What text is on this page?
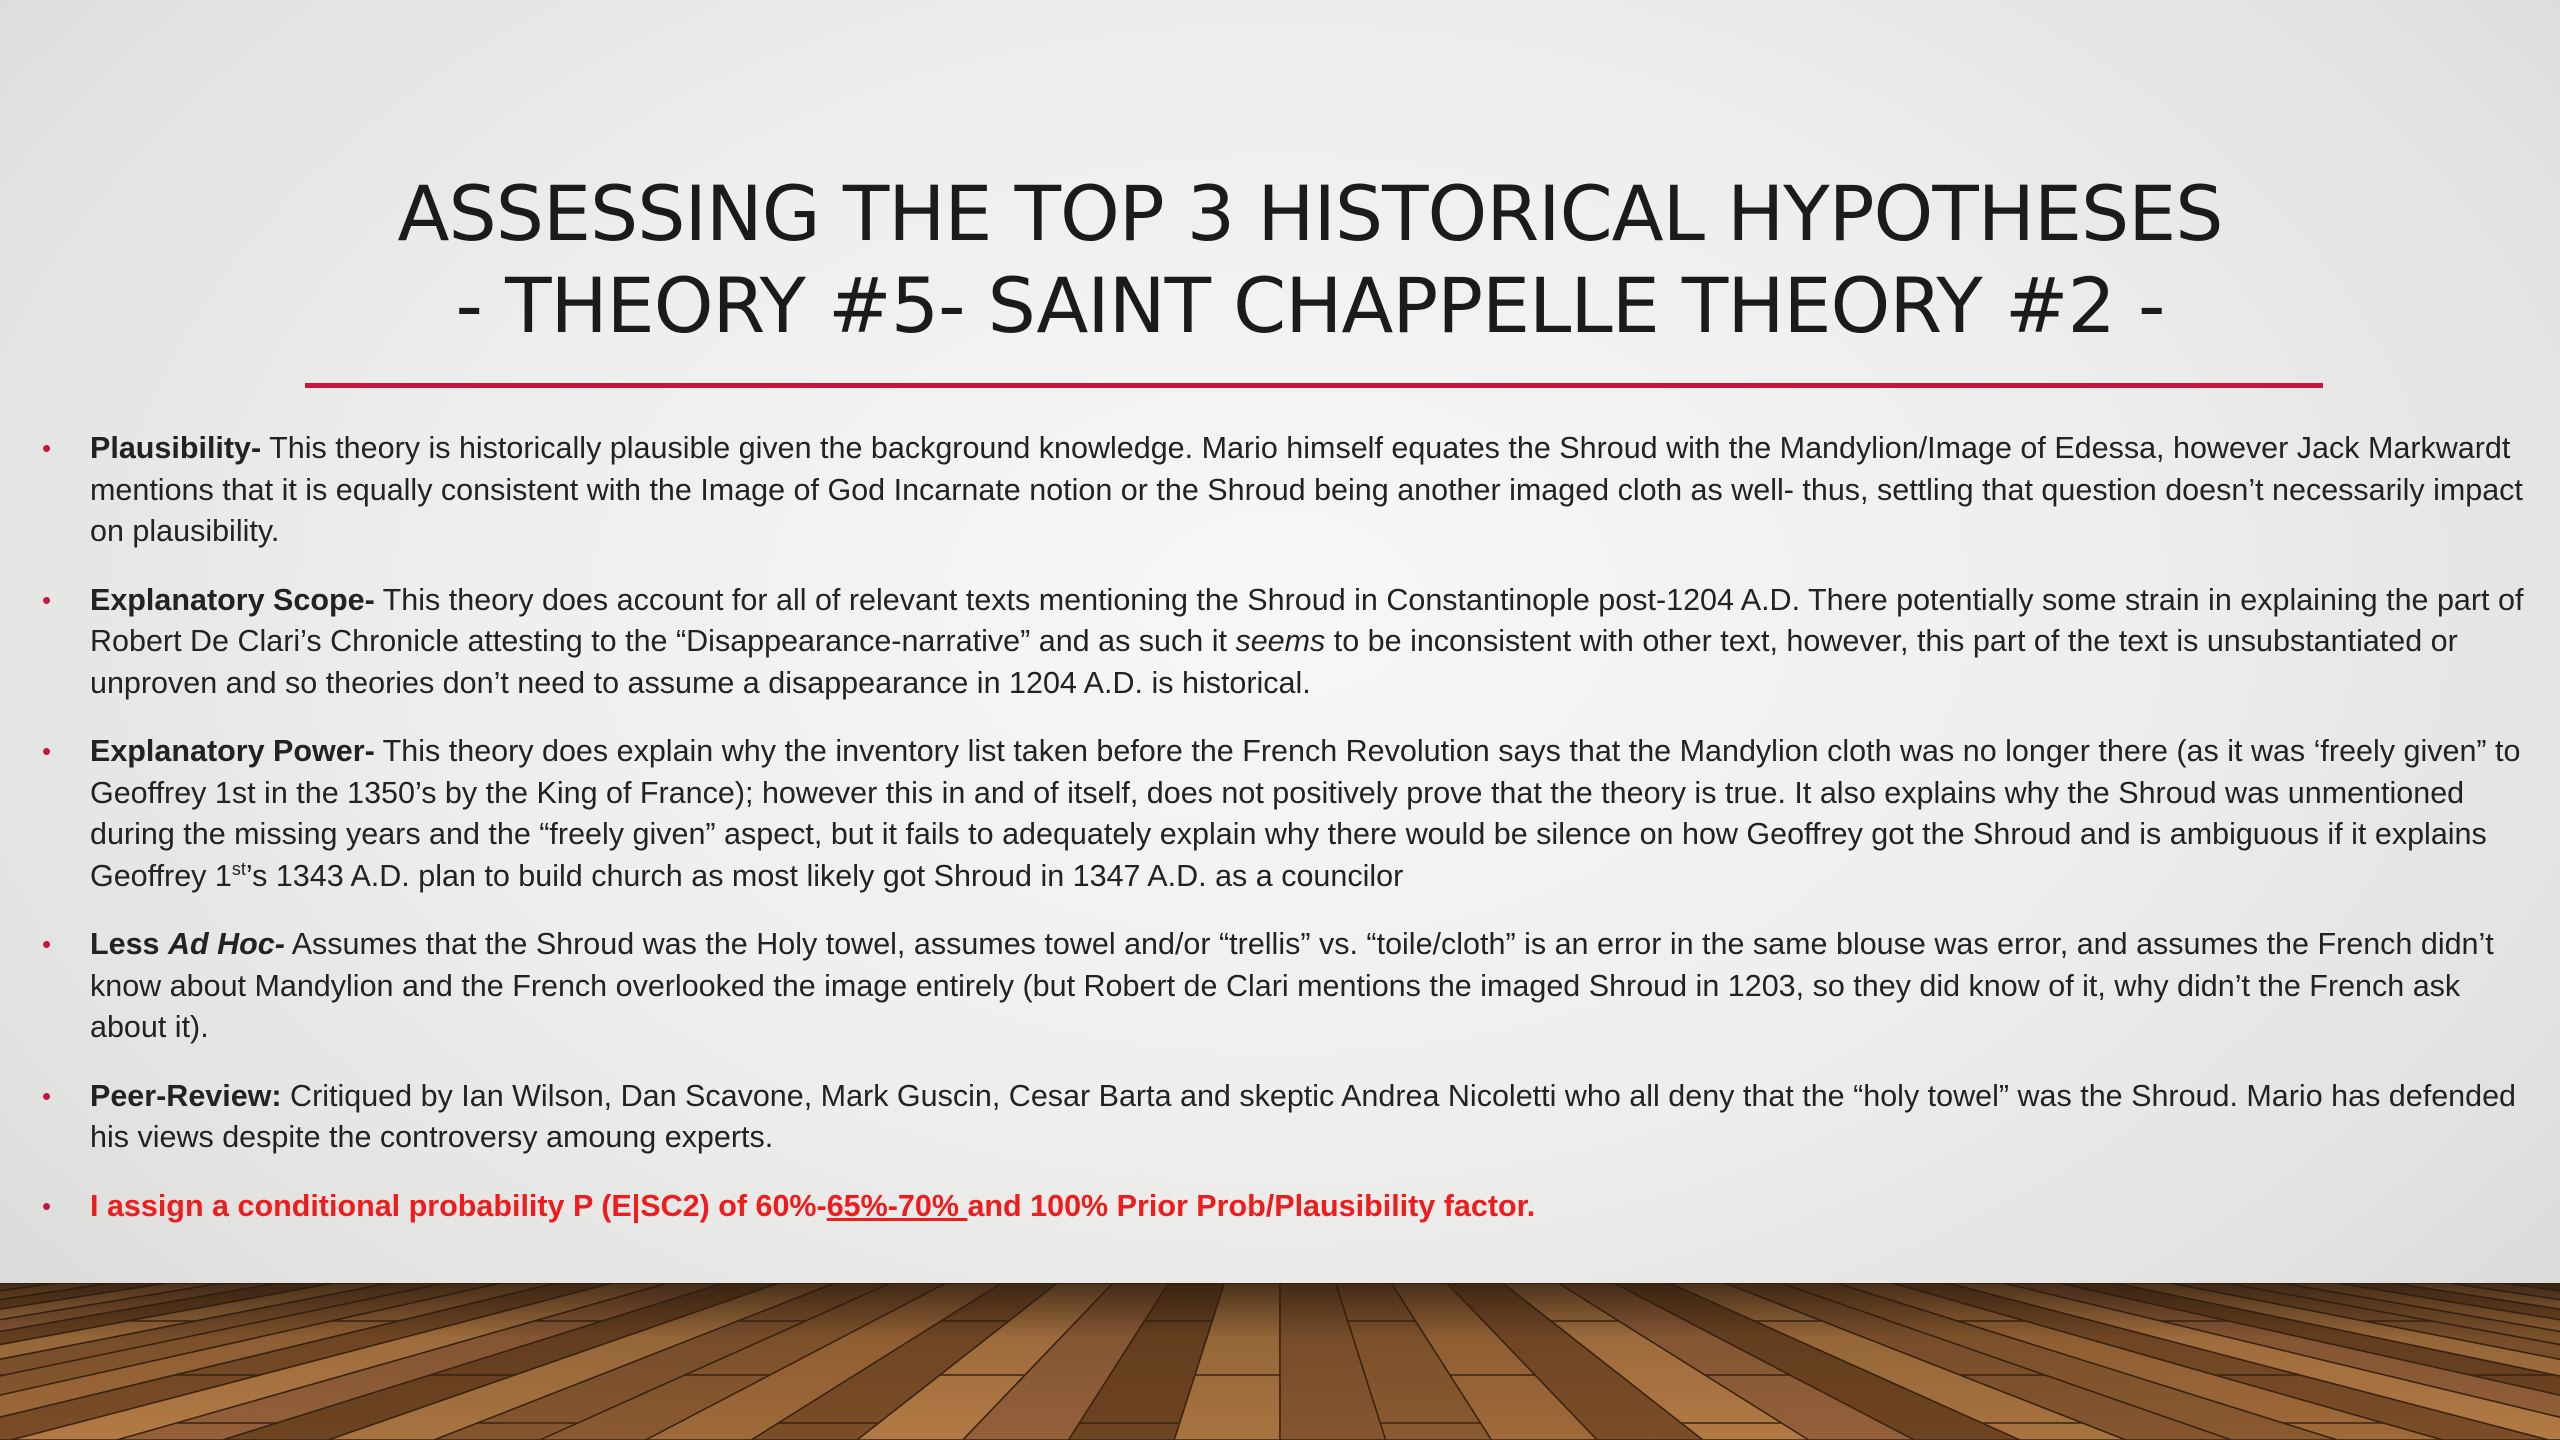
ASSESSING THE TOP 3 HISTORICAL HYPOTHESES
- THEORY #5- SAINT CHAPPELLE THEORY #2 -
• Plausibility- This theory is historically plausible given the background knowledge. Mario himself equates the Shroud with the Mandylion/Image of Edessa, however Jack Markwardt mentions that it is equally consistent with the Image of God Incarnate notion or the Shroud being another imaged cloth as well- thus, settling that question doesn’t necessarily impact on plausibility.
• Explanatory Scope- This theory does account for all of relevant texts mentioning the Shroud in Constantinople post-1204 A.D. There potentially some strain in explaining the part of Robert De Clari’s Chronicle attesting to the “Disappearance-narrative” and as such it seems to be inconsistent with other text, however, this part of the text is unsubstantiated or unproven and so theories don’t need to assume a disappearance in 1204 A.D. is historical.
• Explanatory Power- This theory does explain why the inventory list taken before the French Revolution says that the Mandylion cloth was no longer there (as it was ‘freely given” to Geoffrey 1st in the 1350’s by the King of France); however this in and of itself, does not positively prove that the theory is true. It also explains why the Shroud was unmentioned during the missing years and the “freely given” aspect, but it fails to adequately explain why there would be silence on how Geoffrey got the Shroud and is ambiguous if it explains Geoffrey 1st’s 1343 A.D. plan to build church as most likely got Shroud in 1347 A.D. as a councilor
• Less Ad Hoc- Assumes that the Shroud was the Holy towel, assumes towel and/or “trellis” vs. “toile/cloth” is an error in the same blouse was error, and assumes the French didn’t know about Mandylion and the French overlooked the image entirely (but Robert de Clari mentions the imaged Shroud in 1203, so they did know of it, why didn’t the French ask about it).
• Peer-Review: Critiqued by Ian Wilson, Dan Scavone, Mark Guscin, Cesar Barta and skeptic Andrea Nicoletti who all deny that the “holy towel” was the Shroud. Mario has defended his views despite the controversy amoung experts.
• I assign a conditional probability P (E|SC2) of 60%-65%-70% and 100% Prior Prob/Plausibility factor.
